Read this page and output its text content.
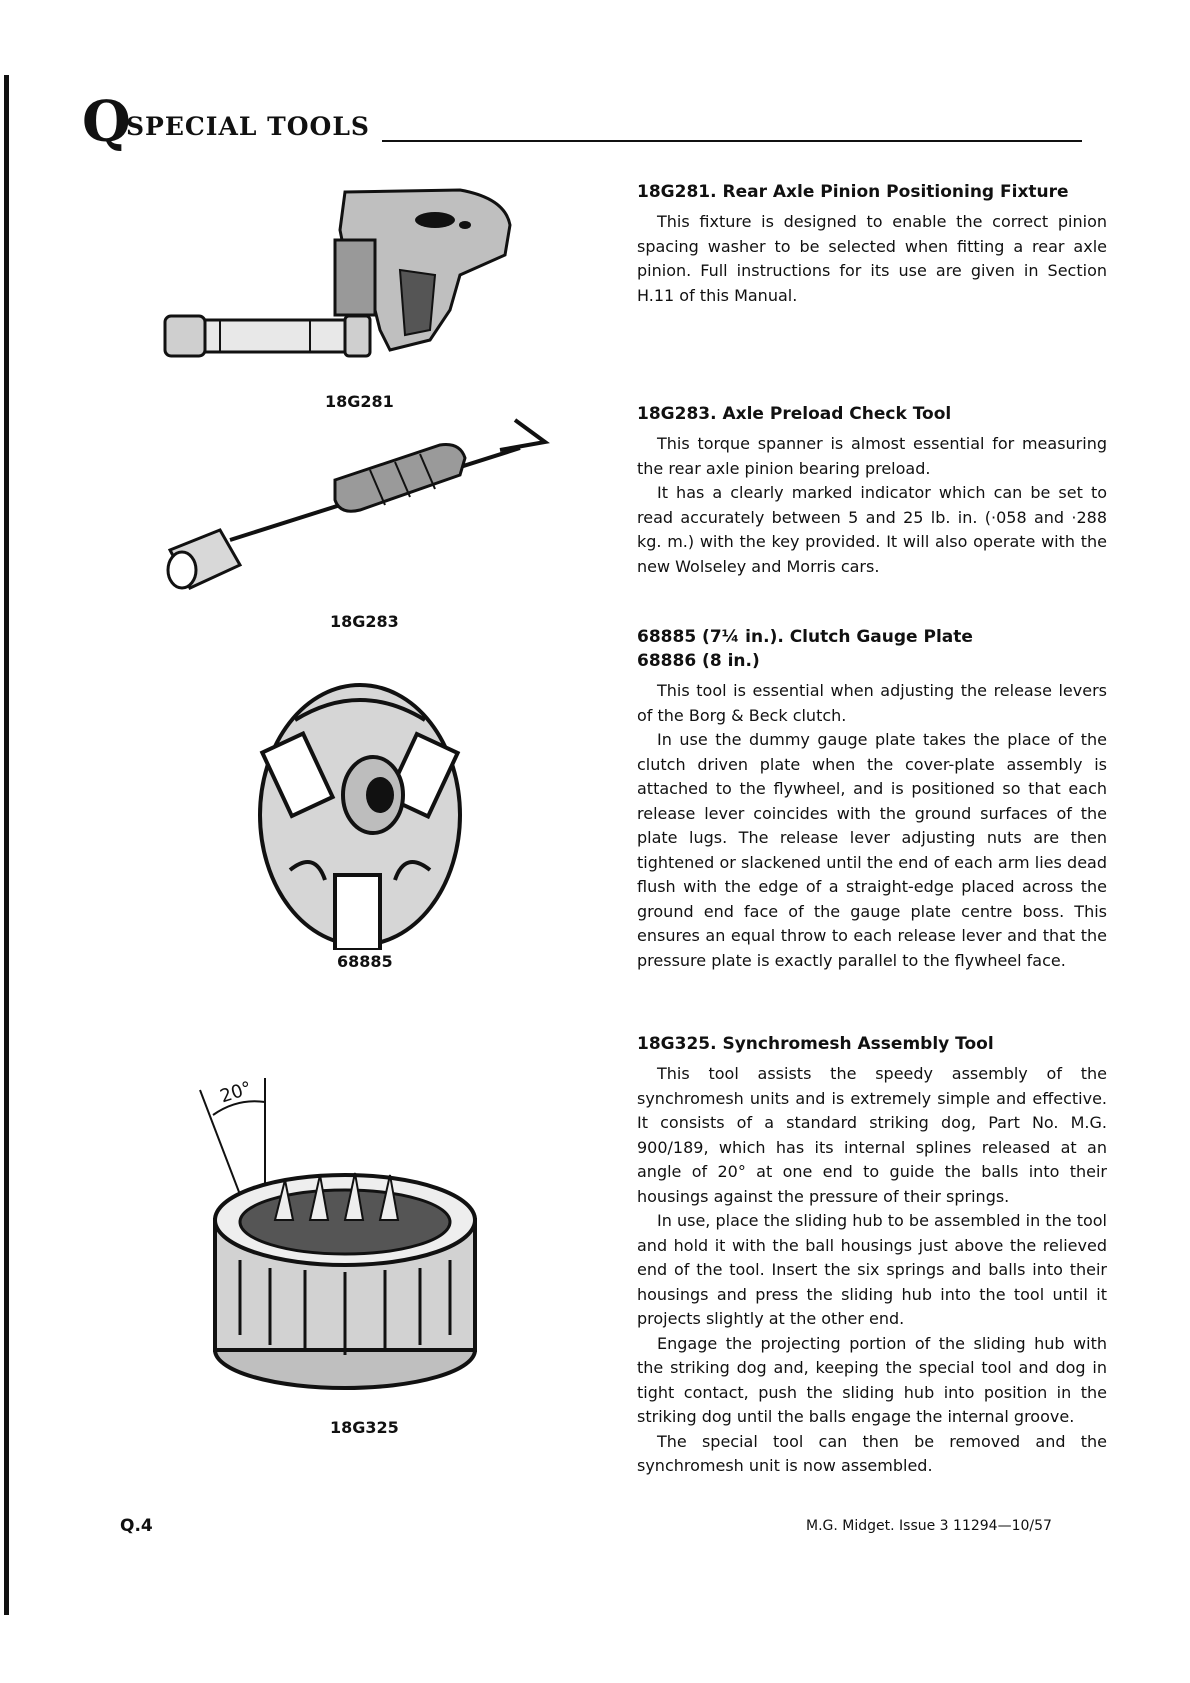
Q
SPECIAL TOOLS
18G281
18G283
68885
20°
18G325
18G281. Rear Axle Pinion Positioning Fixture

This fixture is designed to enable the correct pinion spacing washer to be selected when fitting a rear axle pinion. Full instructions for its use are given in Section H.11 of this Manual.

18G283. Axle Preload Check Tool

This torque spanner is almost essential for measuring the rear axle pinion bearing preload.

It has a clearly marked indicator which can be set to read accurately between 5 and 25 lb. in. (·058 and ·288 kg. m.) with the key provided. It will also operate with the new Wolseley and Morris cars.

68885 (7¼ in.). Clutch Gauge Plate
68886 (8 in.)

This tool is essential when adjusting the release levers of the Borg & Beck clutch.

In use the dummy gauge plate takes the place of the clutch driven plate when the cover-plate assembly is attached to the flywheel, and is positioned so that each release lever coincides with the ground surfaces of the plate lugs. The release lever adjusting nuts are then tightened or slackened until the end of each arm lies dead flush with the edge of a straight-edge placed across the ground end face of the gauge plate centre boss. This ensures an equal throw to each release lever and that the pressure plate is exactly parallel to the flywheel face.

18G325. Synchromesh Assembly Tool

This tool assists the speedy assembly of the synchromesh units and is extremely simple and effective. It consists of a standard striking dog, Part No. M.G. 900/189, which has its internal splines released at an angle of 20° at one end to guide the balls into their housings against the pressure of their springs.

In use, place the sliding hub to be assembled in the tool and hold it with the ball housings just above the relieved end of the tool. Insert the six springs and balls into their housings and press the sliding hub into the tool until it projects slightly at the other end.

Engage the projecting portion of the sliding hub with the striking dog and, keeping the special tool and dog in tight contact, push the sliding hub into position in the striking dog until the balls engage the internal groove.

The special tool can then be removed and the synchromesh unit is now assembled.

Q.4	M.G. Midget. Issue 3 11294—10/57
